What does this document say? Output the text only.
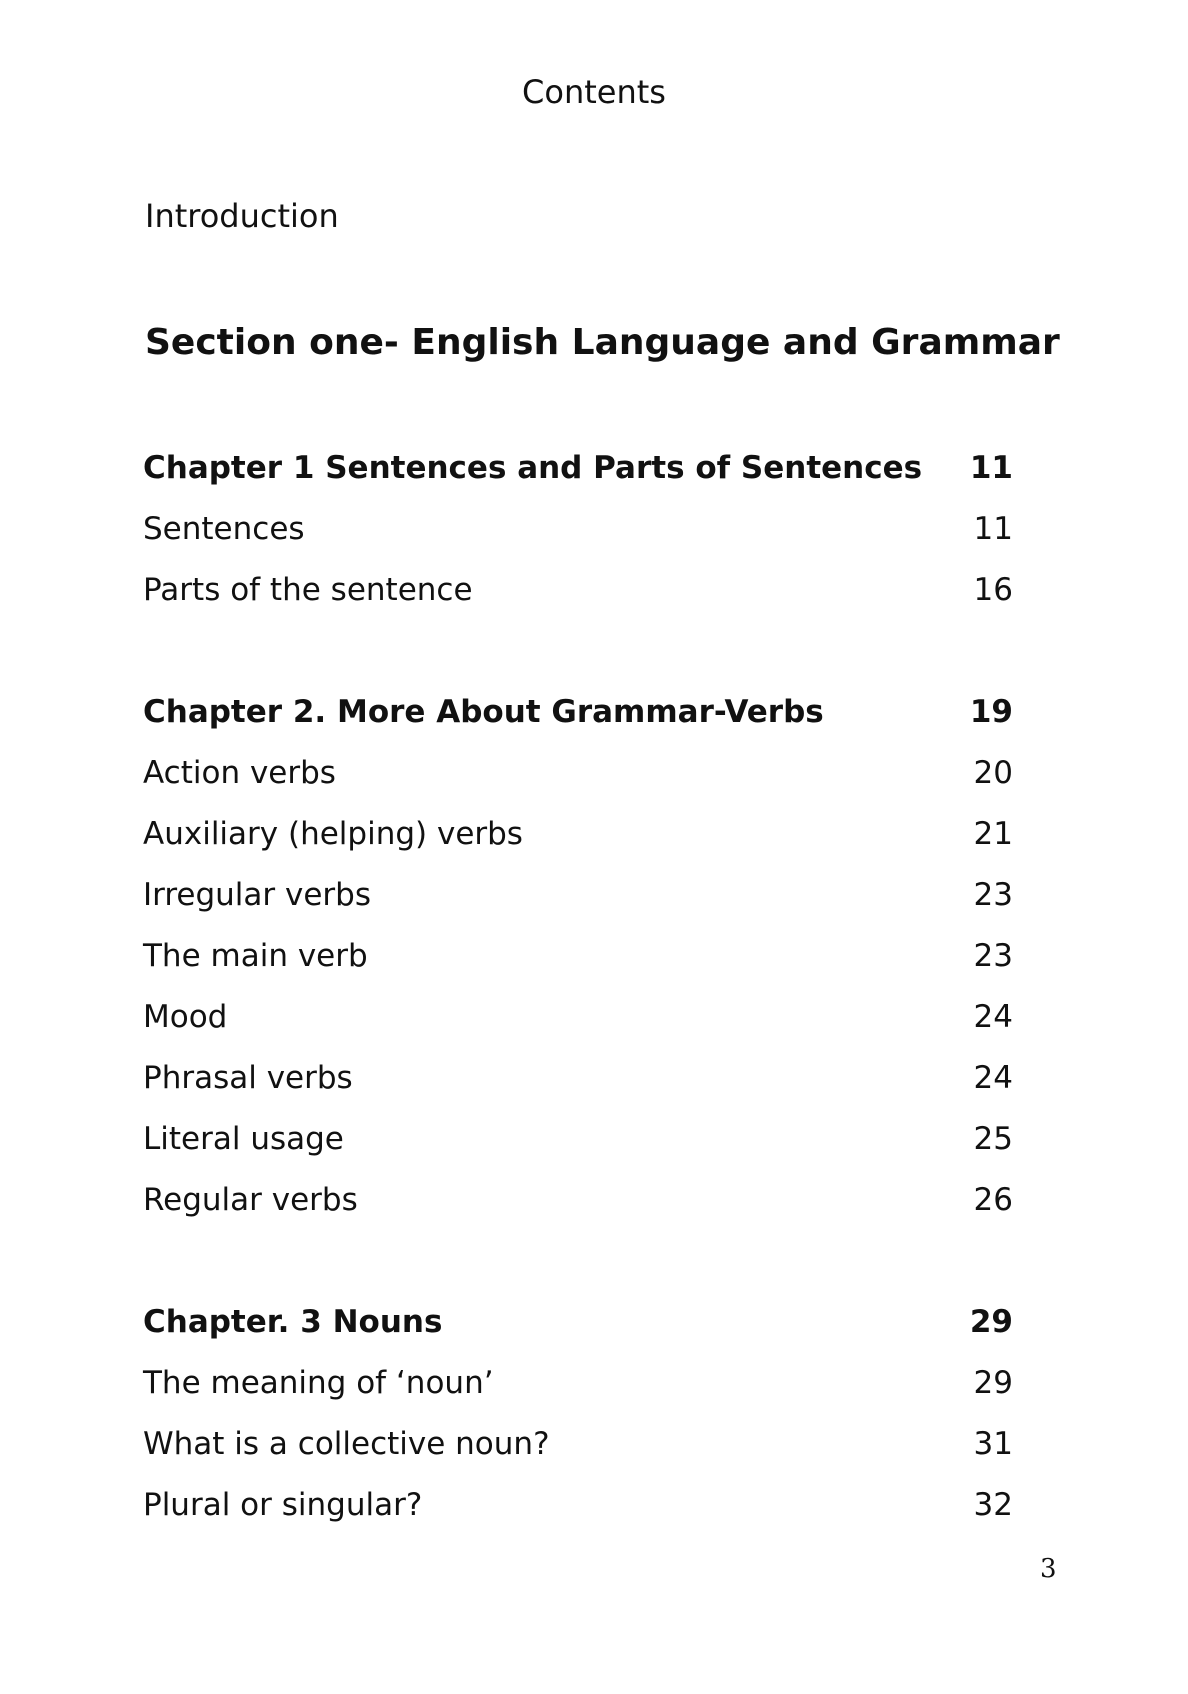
Contents
Introduction
Section one- English Language and Grammar
Chapter 1 Sentences and Parts of Sentences 11
Sentences	11
Parts of the sentence	16
Chapter 2. More About Grammar-Verbs	19
Action verbs	20
Auxiliary (helping) verbs	21
Irregular verbs	23
The main verb	23
Mood	24
Phrasal verbs	24
Literal usage	25
Regular verbs	26
Chapter. 3 Nouns	29
The meaning of ‘noun’	29
What is a collective noun?	31
Plural or singular?	32
3
